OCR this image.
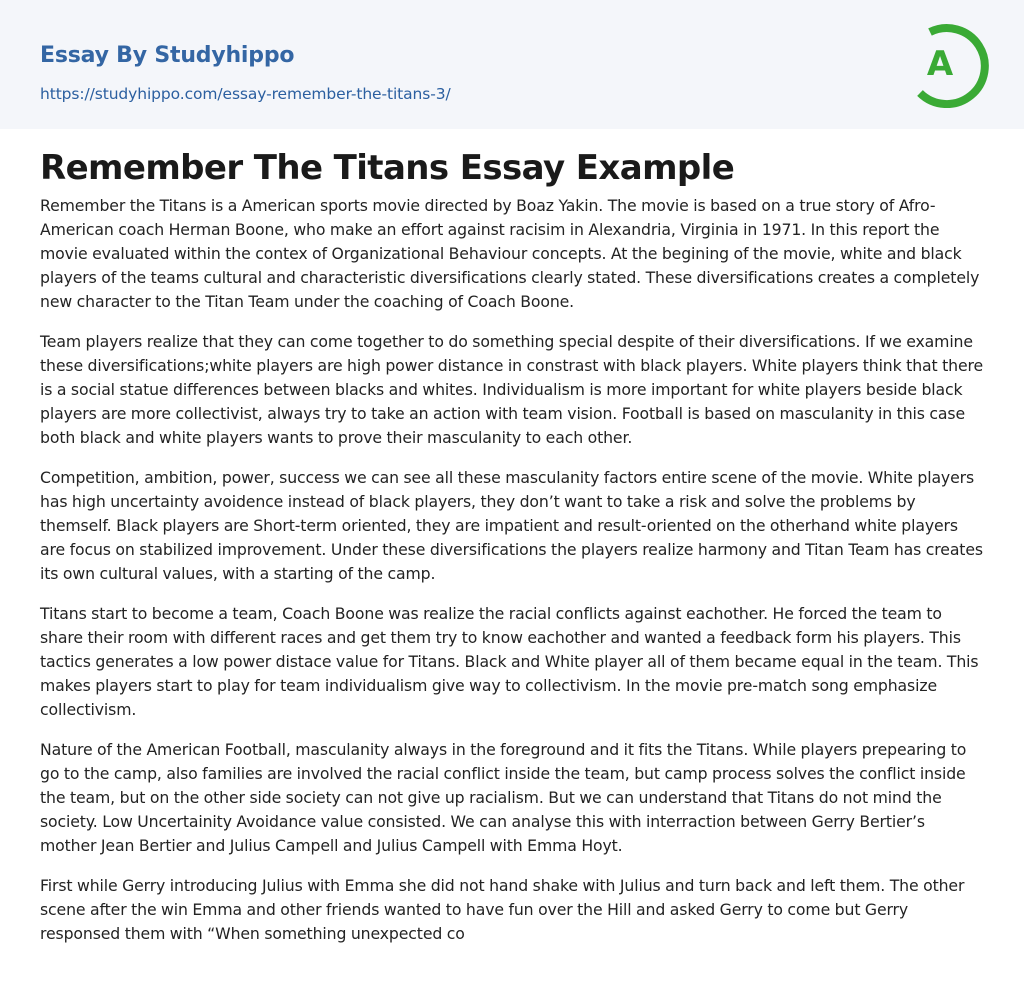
Essay By Studyhippo
https://studyhippo.com/essay-remember-the-titans-3/
A
Remember The Titans Essay Example

Remember the Titans is a American sports movie directed by Boaz Yakin. The movie is based on a true story of Afro-American coach Herman Boone, who make an effort against racisim in Alexandria, Virginia in 1971. In this report the movie evaluated within the contex of Organizational Behaviour concepts. At the begining of the movie, white and black players of the teams cultural and characteristic diversifications clearly stated. These diversifications creates a completely new character to the Titan Team under the coaching of Coach Boone.

Team players realize that they can come together to do something special despite of their diversifications. If we examine these diversifications;white players are high power distance in constrast with black players. White players think that there is a social statue differences between blacks and whites. Individualism is more important for white players beside black players are more collectivist, always try to take an action with team vision. Football is based on masculanity in this case both black and white players wants to prove their masculanity to each other.

Competition, ambition, power, success we can see all these masculanity factors entire scene of the movie. White players has high uncertainty avoidence instead of black players, they don’t want to take a risk and solve the problems by themself. Black players are Short-term oriented, they are impatient and result-oriented on the otherhand white players are focus on stabilized improvement. Under these diversifications the players realize harmony and Titan Team has creates its own cultural values, with a starting of the camp.

Titans start to become a team, Coach Boone was realize the racial conflicts against eachother. He forced the team to share their room with different races and get them try to know eachother and wanted a feedback form his players. This tactics generates a low power distace value for Titans. Black and White player all of them became equal in the team. This makes players start to play for team individualism give way to collectivism. In the movie pre-match song emphasize collectivism.

Nature of the American Football, masculanity always in the foreground and it fits the Titans. While players prepearing to go to the camp, also families are involved the racial conflict inside the team, but camp process solves the conflict inside the team, but on the other side society can not give up racialism. But we can understand that Titans do not mind the society. Low Uncertainity Avoidance value consisted. We can analyse this with interraction between Gerry Bertier’s mother Jean Bertier and Julius Campell and Julius Campell with Emma Hoyt.

First while Gerry introducing Julius with Emma she did not hand shake with Julius and turn back and left them. The other scene after the win Emma and other friends wanted to have fun over the Hill and asked Gerry to come but Gerry responsed them with “When something unexpected co
